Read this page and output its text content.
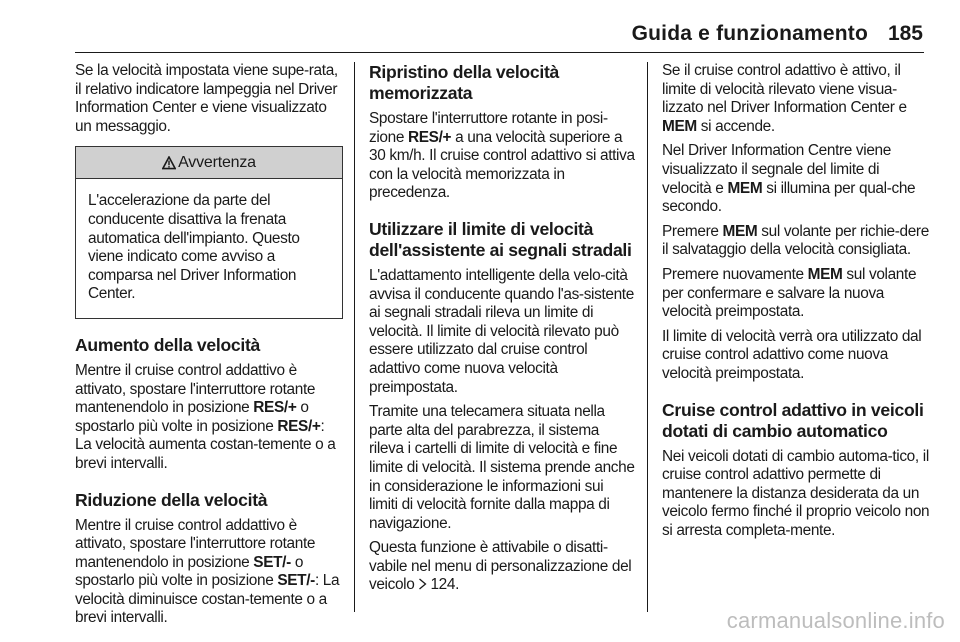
Guida e funzionamento 185

Se la velocità impostata viene supe-rata, il relativo indicatore lampeggia nel Driver Information Center e viene visualizzato un messaggio.

Avvertenza
L'accelerazione da parte del conducente disattiva la frenata automatica dell'impianto. Questo viene indicato come avviso a comparsa nel Driver Information Center.
Aumento della velocità

Mentre il cruise control addattivo è attivato, spostare l'interruttore rotante mantenendolo in posizione RES/+ o spostarlo più volte in posizione RES/+: La velocità aumenta costan-temente o a brevi intervalli.

Riduzione della velocità

Mentre il cruise control addattivo è attivato, spostare l'interruttore rotante mantenendolo in posizione SET/- o spostarlo più volte in posizione SET/-: La velocità diminuisce costan-temente o a brevi intervalli.

Ripristino della velocità memorizzata

Spostare l'interruttore rotante in posi-zione RES/+ a una velocità superiore a 30 km/h. Il cruise control adattivo si attiva con la velocità memorizzata in precedenza.

Utilizzare il limite di velocità dell'assistente ai segnali stradali

L'adattamento intelligente della velo-cità avvisa il conducente quando l'as-sistente ai segnali stradali rileva un limite di velocità. Il limite di velocità rilevato può essere utilizzato dal cruise control adattivo come nuova velocità preimpostata.

Tramite una telecamera situata nella parte alta del parabrezza, il sistema rileva i cartelli di limite di velocità e fine limite di velocità. Il sistema prende anche in considerazione le informazioni sui limiti di velocità fornite dalla mappa di navigazione.

Questa funzione è attivabile o disatti-vabile nel menu di personalizzazione del veicolo 124.

Se il cruise control adattivo è attivo, il limite di velocità rilevato viene visua-lizzato nel Driver Information Center e MEM si accende.

Nel Driver Information Centre viene visualizzato il segnale del limite di velocità e MEM si illumina per qual-che secondo.

Premere MEM sul volante per richie-dere il salvataggio della velocità consigliata.

Premere nuovamente MEM sul volante per confermare e salvare la nuova velocità preimpostata.

Il limite di velocità verrà ora utilizzato dal cruise control adattivo come nuova velocità preimpostata.

Cruise control adattivo in veicoli dotati di cambio automatico

Nei veicoli dotati di cambio automa-tico, il cruise control adattivo permette di mantenere la distanza desiderata da un veicolo fermo finché il proprio veicolo non si arresta completa-mente.

carmanualsonline.info
